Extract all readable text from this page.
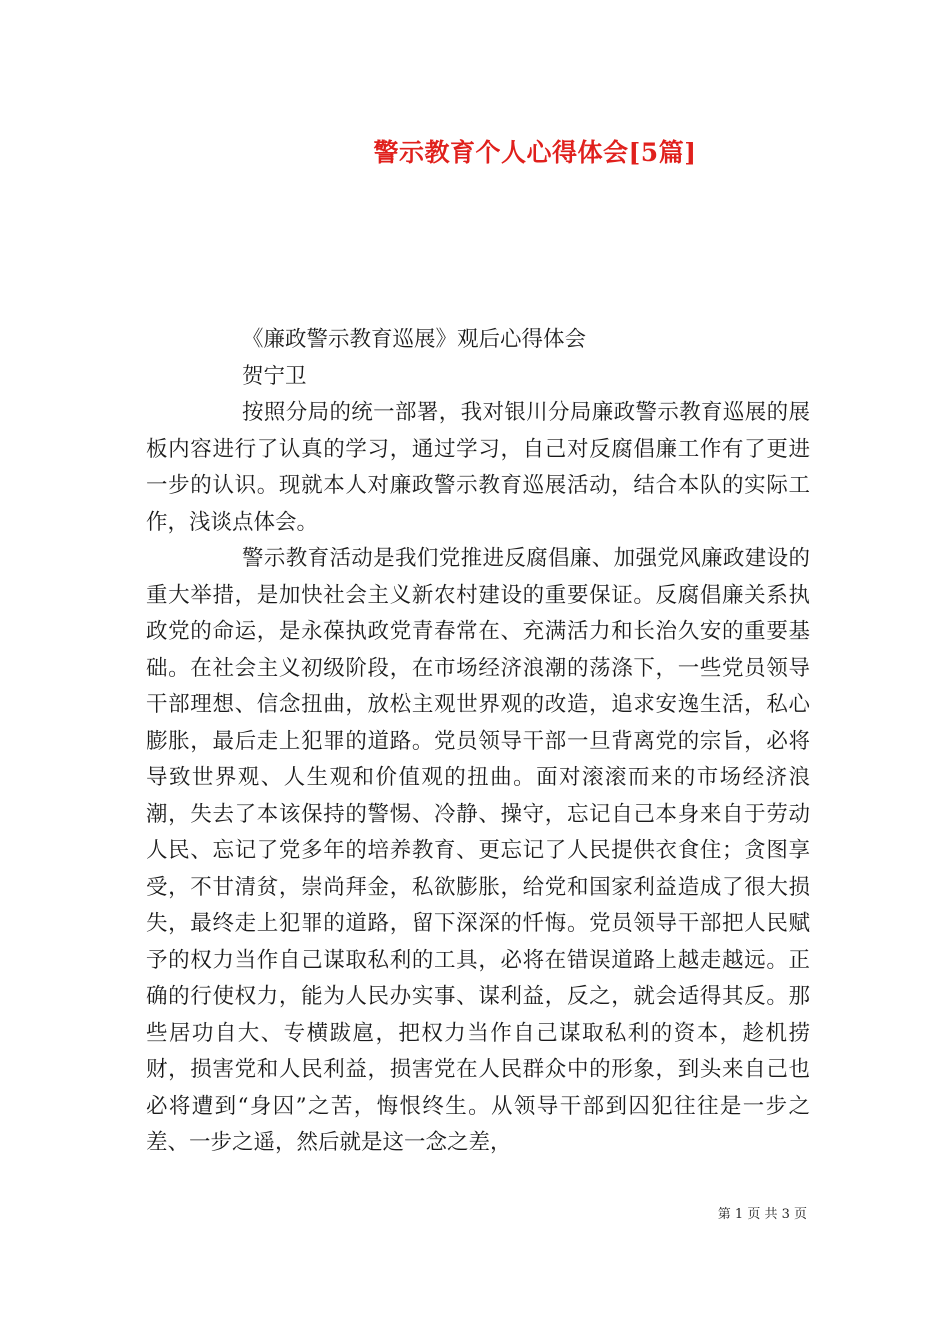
警示教育个人心得体会[5篇]

《廉政警示教育巡展》观后心得体会

贺宁卫

按照分局的统一部署，我对银川分局廉政警示教育巡展的展板内容进行了认真的学习，通过学习，自己对反腐倡廉工作有了更进一步的认识。现就本人对廉政警示教育巡展活动，结合本队的实际工作，浅谈点体会。

警示教育活动是我们党推进反腐倡廉、加强党风廉政建设的重大举措，是加快社会主义新农村建设的重要保证。反腐倡廉关系执政党的命运，是永葆执政党青春常在、充满活力和长治久安的重要基础。在社会主义初级阶段，在市场经济浪潮的荡涤下，一些党员领导干部理想、信念扭曲，放松主观世界观的改造，追求安逸生活，私心膨胀，最后走上犯罪的道路。党员领导干部一旦背离党的宗旨，必将导致世界观、人生观和价值观的扭曲。面对滚滚而来的市场经济浪潮，失去了本该保持的警惕、冷静、操守，忘记自己本身来自于劳动人民、忘记了党多年的培养教育、更忘记了人民提供衣食住；贪图享受，不甘清贫，崇尚拜金，私欲膨胀，给党和国家利益造成了很大损失，最终走上犯罪的道路，留下深深的忏悔。党员领导干部把人民赋予的权力当作自己谋取私利的工具，必将在错误道路上越走越远。正确的行使权力，能为人民办实事、谋利益，反之，就会适得其反。那些居功自大、专横跋扈，把权力当作自己谋取私利的资本，趁机捞财，损害党和人民利益，损害党在人民群众中的形象，到头来自己也必将遭到“身囚”之苦，悔恨终生。从领导干部到囚犯往往是一步之差、一步之遥，然后就是这一念之差，

第 1 页 共 3 页
